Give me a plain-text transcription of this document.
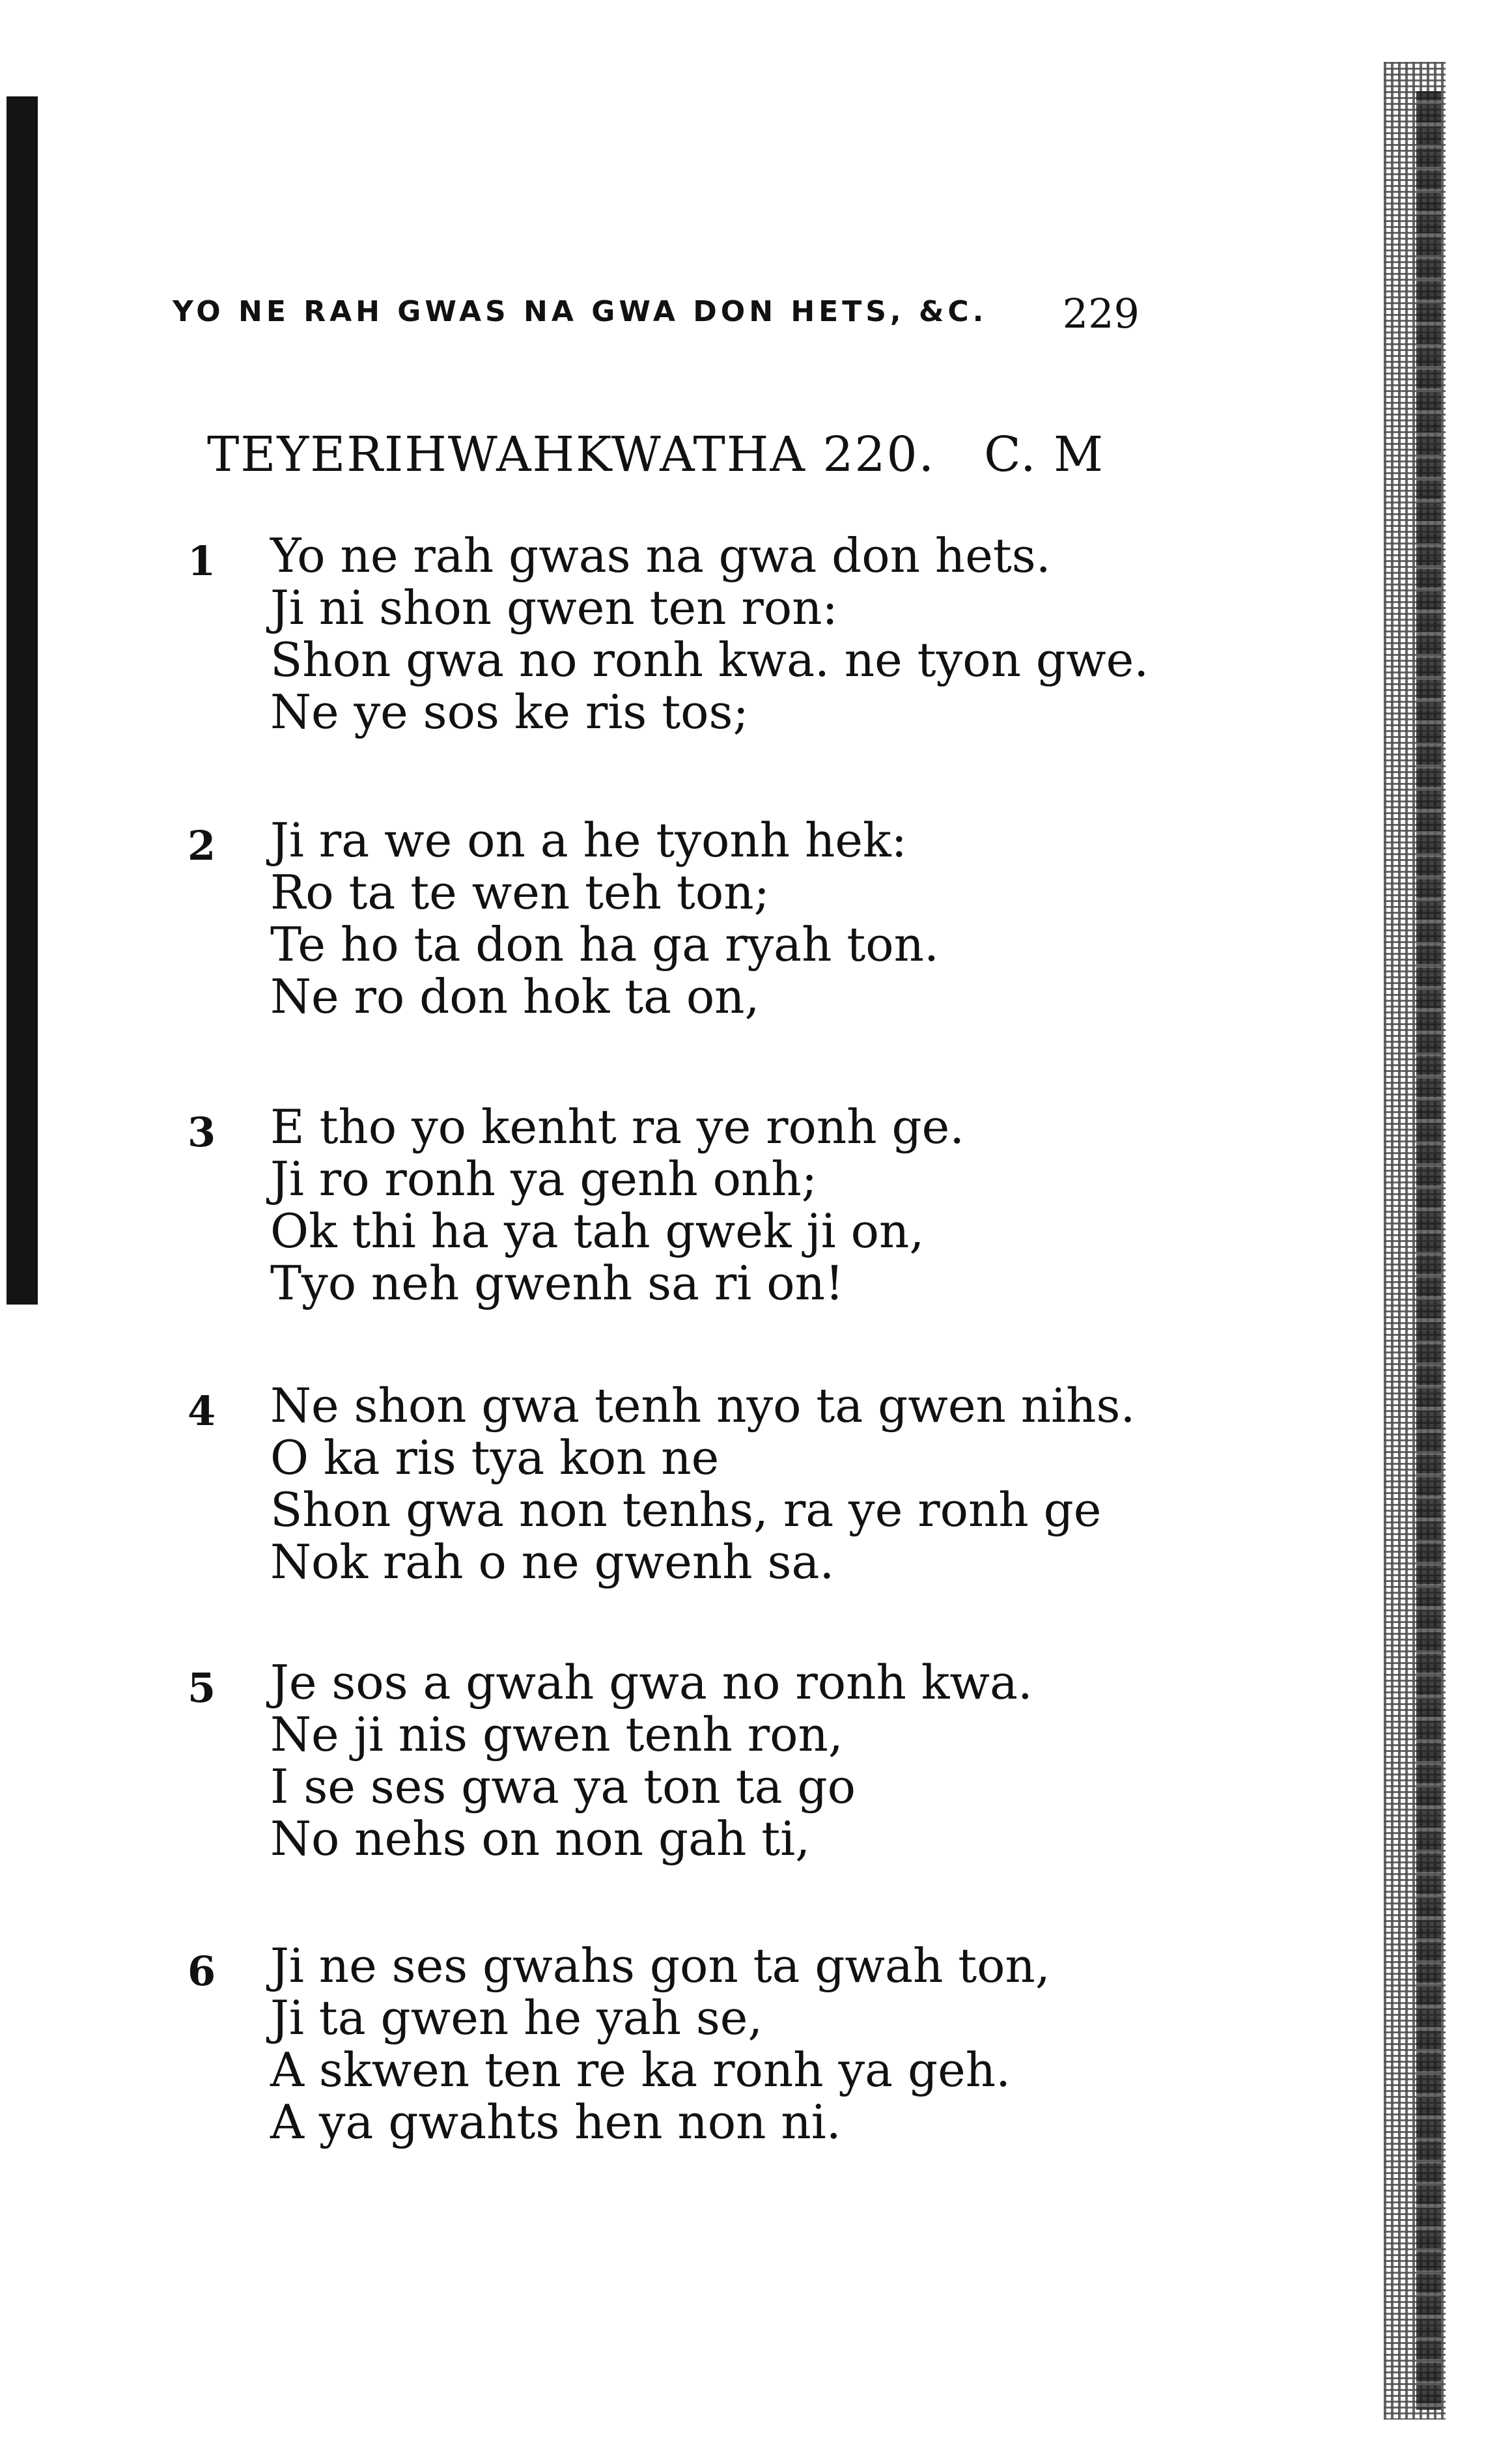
YO NE RAH GWAS NA GWA DON HETS, &C. 229
TEYERIHWAHKWATHA 220. C. M
1 Yo ne rah gwas na gwa don hets.
Ji ni shon gwen ten ron:
Shon gwa no ronh kwa. ne tyon gwe.
Ne ye sos ke ris tos;
2 Ji ra we on a he tyonh hek:
Ro ta te wen teh ton;
Te ho ta don ha ga ryah ton.
Ne ro don hok ta on,
3 E tho yo kenht ra ye ronh ge.
Ji ro ronh ya genh onh;
Ok thi ha ya tah gwek ji on,
Tyo neh gwenh sa ri on!
4 Ne shon gwa tenh nyo ta gwen nihs.
O ka ris tya kon ne
Shon gwa non tenhs, ra ye ronh ge
Nok rah o ne gwenh sa.
5 Je sos a gwah gwa no ronh kwa.
Ne ji nis gwen tenh ron,
I se ses gwa ya ton ta go
No nehs on non gah ti,
6 Ji ne ses gwahs gon ta gwah ton,
Ji ta gwen he yah se,
A skwen ten re ka ronh ya geh.
A ya gwahts hen non ni.
